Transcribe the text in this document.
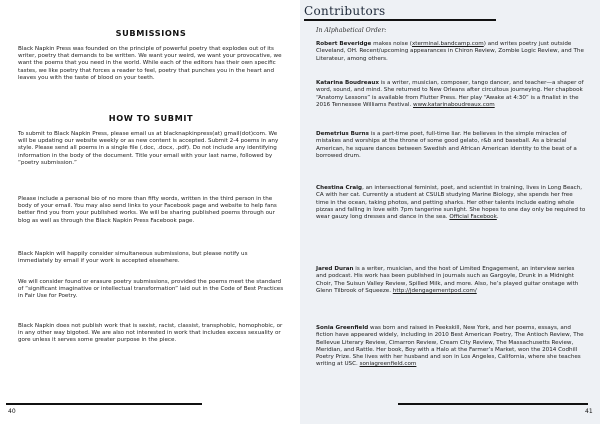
SUBMISSIONS

Black Napkin Press was founded on the principle of powerful poetry that explodes out of its writer, poetry that demands to be written. We want your weird, we want your provocative, we want the poems that you need in the world. While each of the editors has their own specific tastes, we like poetry that forces a reader to feel, poetry that punches you in the heart and leaves you with the taste of blood on your teeth.

HOW TO SUBMIT

To submit to Black Napkin Press, please email us at blacknapkinpress(at) gmail(dot)com. We will be updating our website weekly or as new content is accepted. Submit 2-4 poems in any style. Please send all poems in a single file (.doc, .docx, .pdf). Do not include any identifying information in the body of the document. Title your email with your last name, followed by “poetry submission.”

Please include a personal bio of no more than fifty words, written in the third person in the body of your email. You may also send links to your Facebook page and website to help fans better find you from your published works. We will be sharing published poems through our blog as well as through the Black Napkin Press Facebook page.

Black Napkin will happily consider simultaneous submissions, but please notify us immediately by email if your work is accepted elsewhere.

We will consider found or erasure poetry submissions, provided the poems meet the standard of “significant imaginative or intellectual transformation” laid out in the Code of Best Practices in Fair Use for Poetry.

Black Napkin does not publish work that is sexist, racist, classist, transphobic, homophobic, or in any other way bigoted. We are also not interested in work that includes excess sexuality or gore unless it serves some greater purpose in the piece.

40
Contributors
In Alphabetical Order:

Robert Beveridge makes noise (xterminal.bandcamp.com) and writes poetry just outside Cleveland, OH. Recent/upcoming appearances in Chiron Review, Zombie Logic Review, and The Literateur, among others.

Katarina Boudreaux is a writer, musician, composer, tango dancer, and teacher—a shaper of word, sound, and mind. She returned to New Orleans after circuitous journeying. Her chapbook “Anatomy Lessons” is available from Flutter Press. Her play “Awake at 4:30” is a finalist in the 2016 Tennessee Williams Festival. www.katarinaboudreaux.com

Demetrius Burns is a part-time poet, full-time liar. He believes in the simple miracles of mistakes and worships at the throne of some good gelato, r&b and baseball. As a biracial American, he square dances between Swedish and African American identity to the beat of a borrowed drum.

Chestina Craig, an intersectional feminist, poet, and scientist in training, lives in Long Beach, CA with her cat. Currently a student at CSULB studying Marine Biology, she spends her free time in the ocean, taking photos, and petting sharks. Her other talents include eating whole pizzas and falling in love with 7pm tangerine sunlight. She hopes to one day only be required to wear gauzy long dresses and dance in the sea. Official Facebook.

Jared Duran is a writer, musician, and the host of Limited Engagement, an interview series and podcast. His work has been published in journals such as Gargoyle, Drunk in a Midnight Choir, The Suisun Valley Review, Spilled Milk, and more. Also, he’s played guitar onstage with Glenn Tilbrook of Squeeze. http://jdengagementpod.com/

Sonia Greenfield was born and raised in Peekskill, New York, and her poems, essays, and fiction have appeared widely, including in 2010 Best American Poetry, The Antioch Review, The Bellevue Literary Review, Cimarron Review, Cream City Review, The Massachusetts Review, Meridian, and Rattle. Her book, Boy with a Halo at the Farmer’s Market, won the 2014 Codhill Poetry Prize. She lives with her husband and son in Los Angeles, California, where she teaches writing at USC. soniagreenfield.com

41
